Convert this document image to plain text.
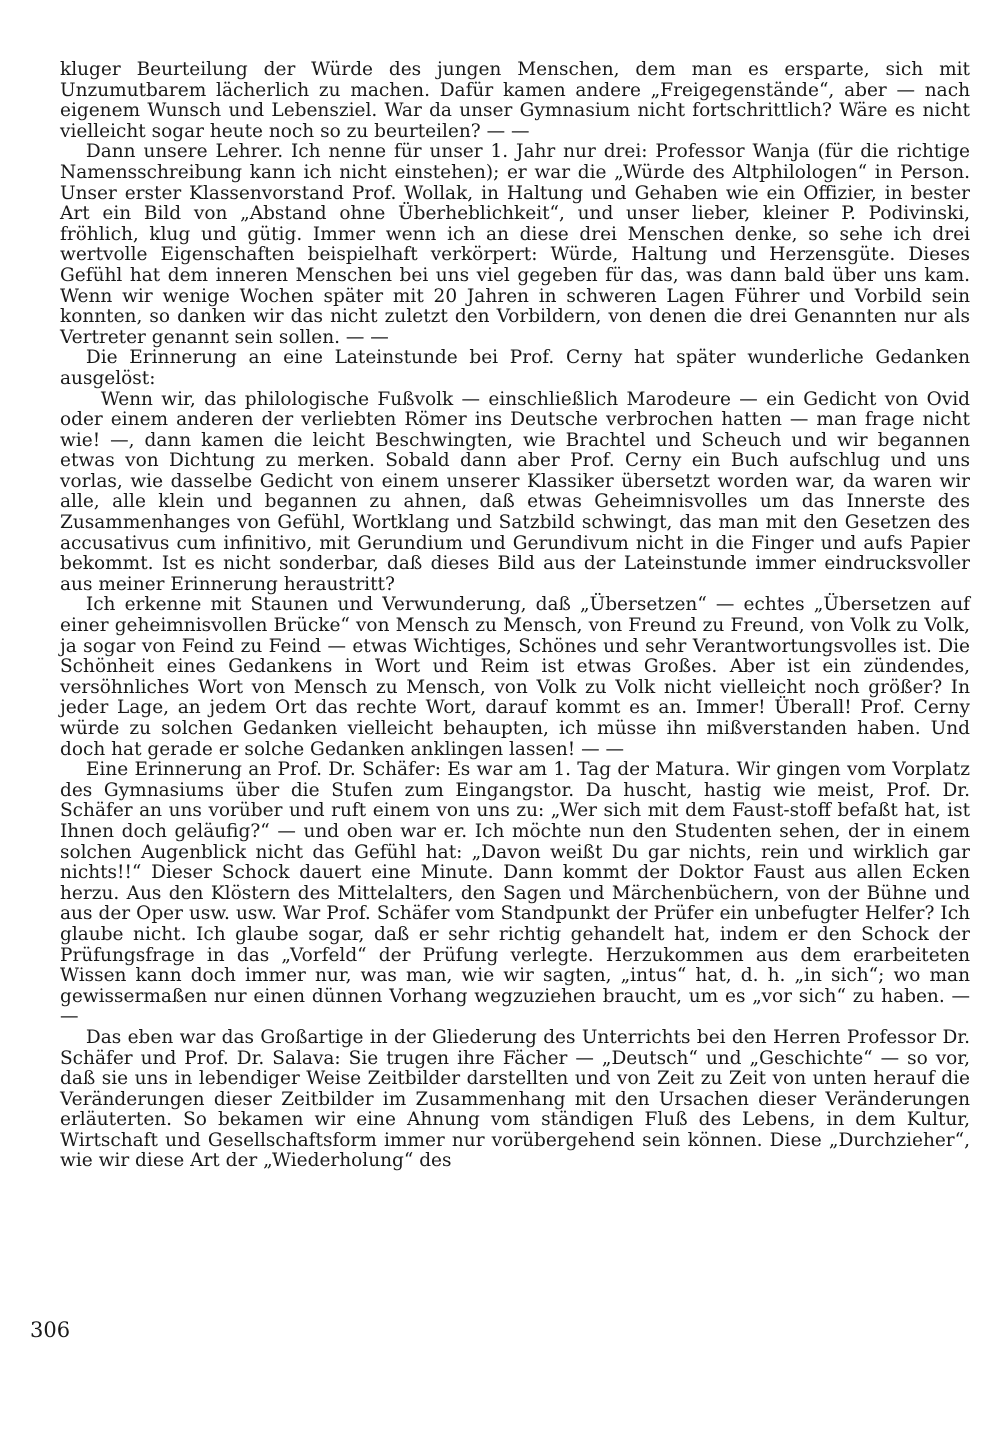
kluger Beurteilung der Würde des jungen Menschen, dem man es ersparte, sich mit Unzumutbarem lächerlich zu machen. Dafür kamen andere „Freigegenstände“, aber — nach eigenem Wunsch und Lebensziel. War da unser Gymnasium nicht fortschrittlich? Wäre es nicht vielleicht sogar heute noch so zu beurteilen? — —

Dann unsere Lehrer. Ich nenne für unser 1. Jahr nur drei: Professor Wanja (für die richtige Namensschreibung kann ich nicht einstehen); er war die „Würde des Altphilologen“ in Person. Unser erster Klassenvorstand Prof. Wollak, in Haltung und Gehaben wie ein Offizier, in bester Art ein Bild von „Abstand ohne Überheblichkeit“, und unser lieber, kleiner P. Podivinski, fröhlich, klug und gütig. Immer wenn ich an diese drei Menschen denke, so sehe ich drei wertvolle Eigenschaften beispielhaft verkörpert: Würde, Haltung und Herzensgüte. Dieses Gefühl hat dem inneren Menschen bei uns viel gegeben für das, was dann bald über uns kam. Wenn wir wenige Wochen später mit 20 Jahren in schweren Lagen Führer und Vorbild sein konnten, so danken wir das nicht zuletzt den Vorbildern, von denen die drei Genannten nur als Vertreter genannt sein sollen. — —

Die Erinnerung an eine Lateinstunde bei Prof. Cerny hat später wunderliche Gedanken ausgelöst:

Wenn wir, das philologische Fußvolk — einschließlich Marodeure — ein Gedicht von Ovid oder einem anderen der verliebten Römer ins Deutsche verbrochen hatten — man frage nicht wie! —, dann kamen die leicht Beschwingten, wie Brachtel und Scheuch und wir begannen etwas von Dichtung zu merken. Sobald dann aber Prof. Cerny ein Buch aufschlug und uns vorlas, wie dasselbe Gedicht von einem unserer Klassiker übersetzt worden war, da waren wir alle, alle klein und begannen zu ahnen, daß etwas Geheimnisvolles um das Innerste des Zusammenhanges von Gefühl, Wortklang und Satzbild schwingt, das man mit den Gesetzen des accusativus cum infinitivo, mit Gerundium und Gerundivum nicht in die Finger und aufs Papier bekommt. Ist es nicht sonderbar, daß dieses Bild aus der Lateinstunde immer eindrucksvoller aus meiner Erinnerung heraustritt?

Ich erkenne mit Staunen und Verwunderung, daß „Übersetzen“ — echtes „Übersetzen auf einer geheimnisvollen Brücke“ von Mensch zu Mensch, von Freund zu Freund, von Volk zu Volk, ja sogar von Feind zu Feind — etwas Wichtiges, Schönes und sehr Verantwortungsvolles ist. Die Schönheit eines Gedankens in Wort und Reim ist etwas Großes. Aber ist ein zündendes, versöhnliches Wort von Mensch zu Mensch, von Volk zu Volk nicht vielleicht noch größer? In jeder Lage, an jedem Ort das rechte Wort, darauf kommt es an. Immer! Überall! Prof. Cerny würde zu solchen Gedanken vielleicht behaupten, ich müsse ihn mißverstanden haben. Und doch hat gerade er solche Gedanken anklingen lassen! — —

Eine Erinnerung an Prof. Dr. Schäfer: Es war am 1. Tag der Matura. Wir gingen vom Vorplatz des Gymnasiums über die Stufen zum Eingangstor. Da huscht, hastig wie meist, Prof. Dr. Schäfer an uns vorüber und ruft einem von uns zu: „Wer sich mit dem Faust-stoff befaßt hat, ist Ihnen doch geläufig?“ — und oben war er. Ich möchte nun den Studenten sehen, der in einem solchen Augenblick nicht das Gefühl hat: „Davon weißt Du gar nichts, rein und wirklich gar nichts!!“ Dieser Schock dauert eine Minute. Dann kommt der Doktor Faust aus allen Ecken herzu. Aus den Klöstern des Mittelalters, den Sagen und Märchenbüchern, von der Bühne und aus der Oper usw. usw. War Prof. Schäfer vom Standpunkt der Prüfer ein unbefugter Helfer? Ich glaube nicht. Ich glaube sogar, daß er sehr richtig gehandelt hat, indem er den Schock der Prüfungsfrage in das „Vorfeld“ der Prüfung verlegte. Herzukommen aus dem erarbeiteten Wissen kann doch immer nur, was man, wie wir sagten, „intus“ hat, d. h. „in sich“; wo man gewissermaßen nur einen dünnen Vorhang wegzuziehen braucht, um es „vor sich“ zu haben. — —

Das eben war das Großartige in der Gliederung des Unterrichts bei den Herren Professor Dr. Schäfer und Prof. Dr. Salava: Sie trugen ihre Fächer — „Deutsch“ und „Geschichte“ — so vor, daß sie uns in lebendiger Weise Zeitbilder darstellten und von Zeit zu Zeit von unten herauf die Veränderungen dieser Zeitbilder im Zusammenhang mit den Ursachen dieser Veränderungen erläuterten. So bekamen wir eine Ahnung vom ständigen Fluß des Lebens, in dem Kultur, Wirtschaft und Gesellschaftsform immer nur vorübergehend sein können. Diese „Durchzieher“, wie wir diese Art der „Wiederholung“ des

306
